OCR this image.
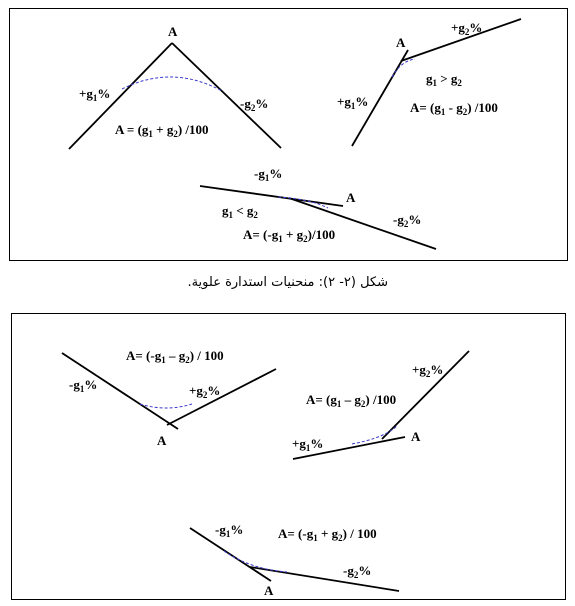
A
$+g_1\%$
$-g_2\%$
$A = (g_1 + g_2)$ /100
A
$+g_2\%$
$+g_1\%$
$g_1 > g_2$
$A= (g_1 - g_2)$ /100
A
$-g_1\%$
$-g_2\%$
$g_1 < g_2$
$A= (-g_1 + g_2)/100$
شكل (٢- ٢): منحنيات استدارة علوية.
A
$-g_1\%$	$+g_2\%$
$A= (-g_1 - g_2) / 100$
A
$+g_2\%$
$+g_1\%$
$A= (g_1 - g_2)$ /100
A
$-g_1\%$
$-g_2\%$
$A= (-g_1 + g_2) / 100$
